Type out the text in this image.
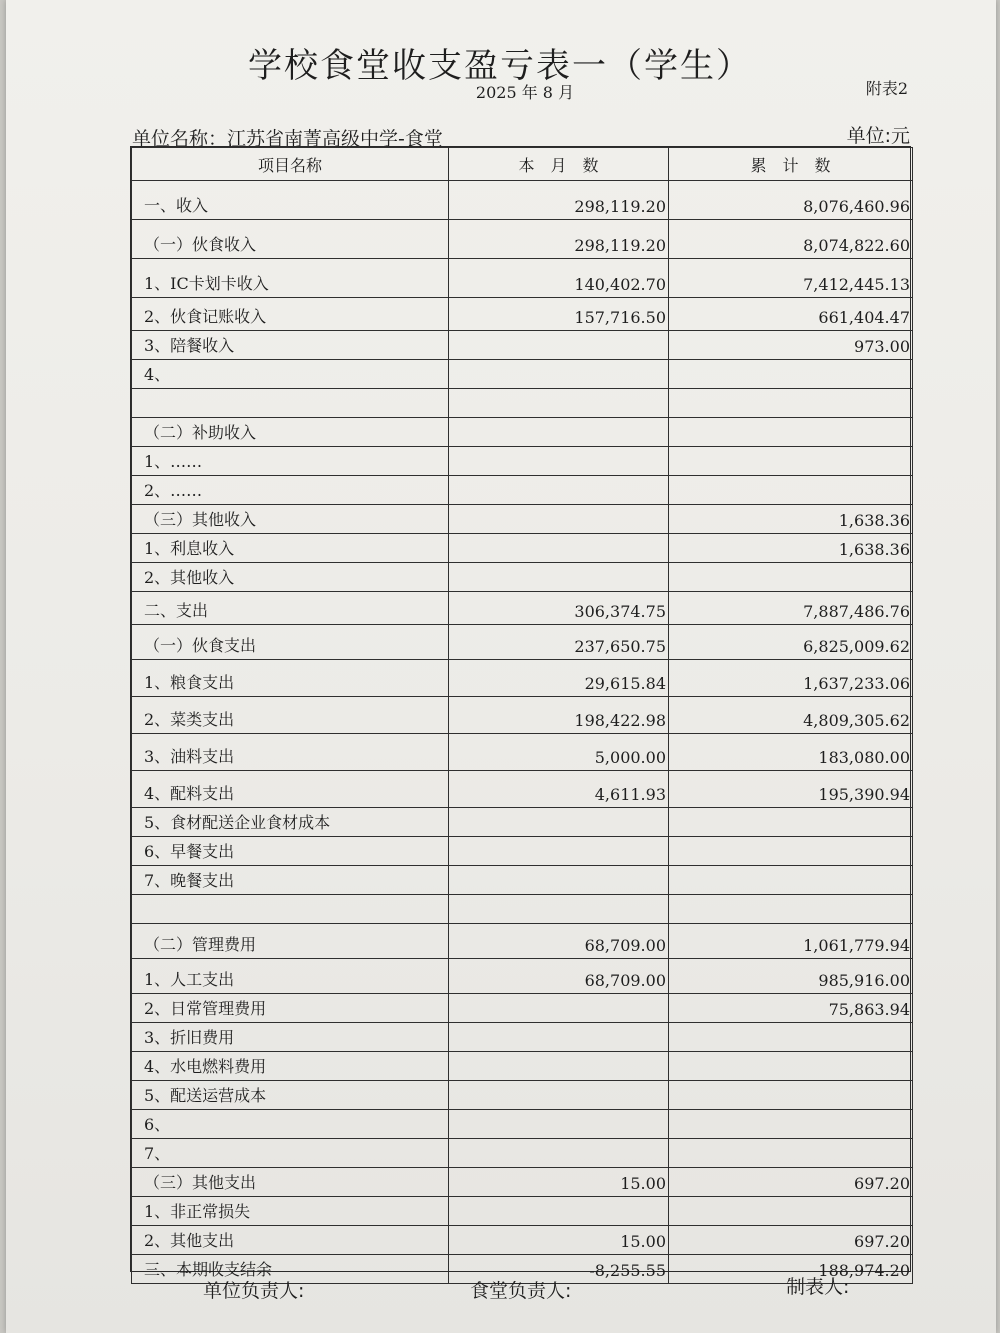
学校食堂收支盈亏表一（学生）
2025 年 8 月	附表2
单位名称：江苏省南菁高级中学-食堂	单位:元
项目名称	本　月　数	累　计　数
一、收入	298,119.20	8,076,460.96
（一）伙食收入	298,119.20	8,074,822.60
1、IC卡划卡收入	140,402.70	7,412,445.13
2、伙食记账收入	157,716.50	661,404.47
3、陪餐收入		973.00
4、		

（二）补助收入		
1、……		
2、……		
（三）其他收入		1,638.36
1、利息收入		1,638.36
2、其他收入		
二、支出	306,374.75	7,887,486.76
（一）伙食支出	237,650.75	6,825,009.62
1、粮食支出	29,615.84	1,637,233.06
2、菜类支出	198,422.98	4,809,305.62
3、油料支出	5,000.00	183,080.00
4、配料支出	4,611.93	195,390.94
5、食材配送企业食材成本		
6、早餐支出		
7、晚餐支出		

（二）管理费用	68,709.00	1,061,779.94
1、人工支出	68,709.00	985,916.00
2、日常管理费用		75,863.94
3、折旧费用		
4、水电燃料费用		
5、配送运营成本		
6、		
7、		
（三）其他支出	15.00	697.20
1、非正常损失		
2、其他支出	15.00	697.20
三、本期收支结余	-8,255.55	188,974.20
单位负责人:	食堂负责人:	制表人:
